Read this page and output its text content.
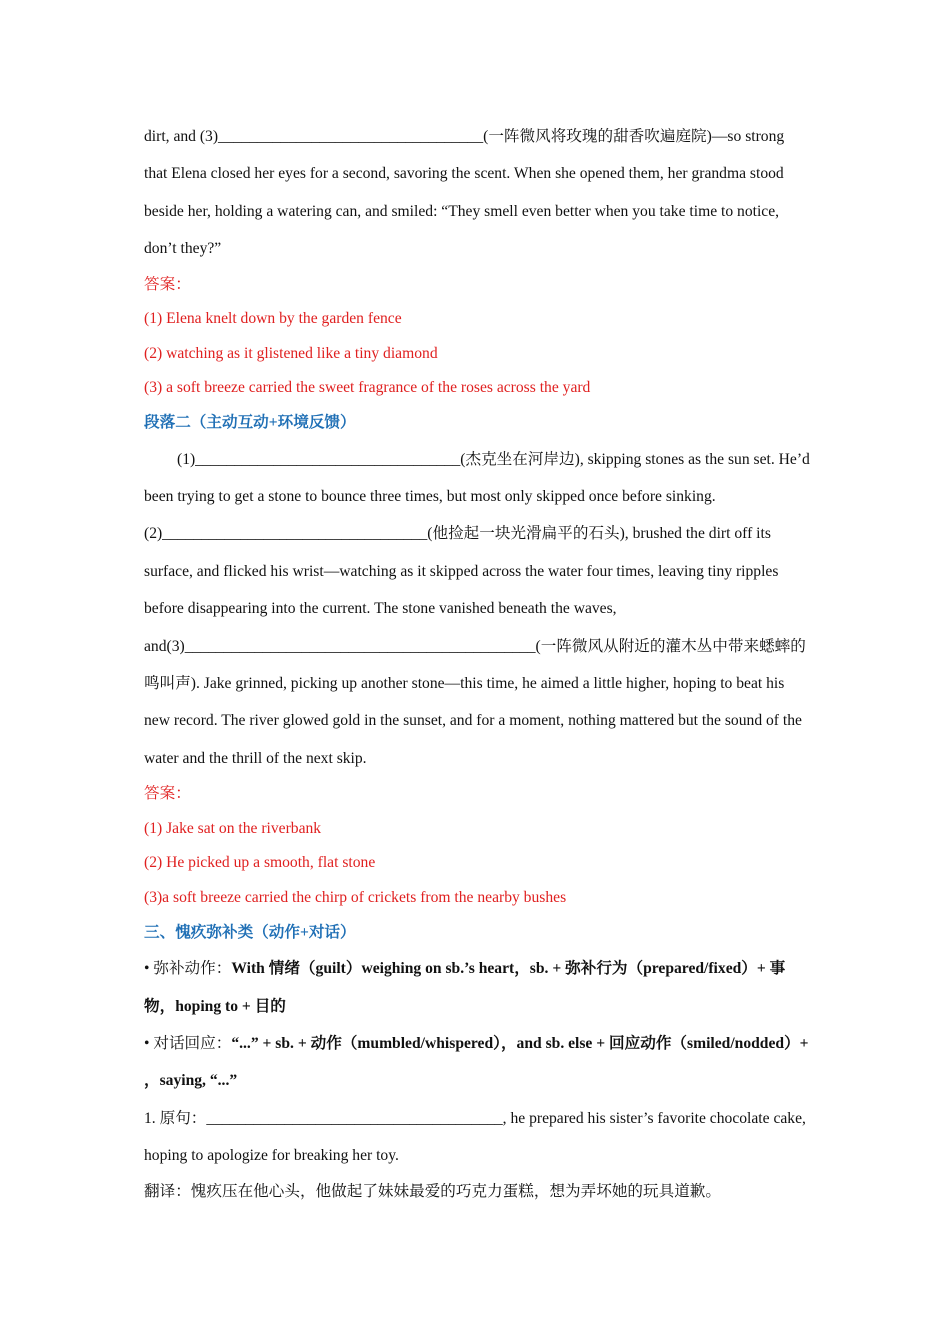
dirt, and (3)__________________________________(一阵微风将玫瑰的甜香吹遍庭院)—so strong that Elena closed her eyes for a second, savoring the scent. When she opened them, her grandma stood beside her, holding a watering can, and smiled: “They smell even better when you take time to notice, don’t they?”

答案：

(1) Elena knelt down by the garden fence

(2) watching as it glistened like a tiny diamond

(3) a soft breeze carried the sweet fragrance of the roses across the yard

段落二（主动互动+环境反馈）

(1)__________________________________(杰克坐在河岸边), skipping stones as the sun set. He’d been trying to get a stone to bounce three times, but most only skipped once before sinking. (2)__________________________________(他捡起一块光滑扁平的石头), brushed the dirt off its surface, and flicked his wrist—watching as it skipped across the water four times, leaving tiny ripples before disappearing into the current. The stone vanished beneath the waves, and(3)_____________________________________________(一阵微风从附近的灌木丛中带来蟋蟀的鸣叫声). Jake grinned, picking up another stone—this time, he aimed a little higher, hoping to beat his new record. The river glowed gold in the sunset, and for a moment, nothing mattered but the sound of the water and the thrill of the next skip.

答案：

(1) Jake sat on the riverbank

(2) He picked up a smooth, flat stone

(3)a soft breeze carried the chirp of crickets from the nearby bushes

三、愧疚弥补类（动作+对话）

• 弥补动作：With 情绪（guilt）weighing on sb.’s heart，sb. + 弥补行为（prepared/fixed）+ 事物，hoping to + 目的

• 对话回应：“...” + sb. + 动作（mumbled/whispered），and sb. else + 回应动作（smiled/nodded）+ ，saying, “...”

1. 原句：______________________________________, he prepared his sister’s favorite chocolate cake, hoping to apologize for breaking her toy.

翻译：愧疚压在他心头，他做起了妹妹最爱的巧克力蛋糕，想为弄坏她的玩具道歉。
